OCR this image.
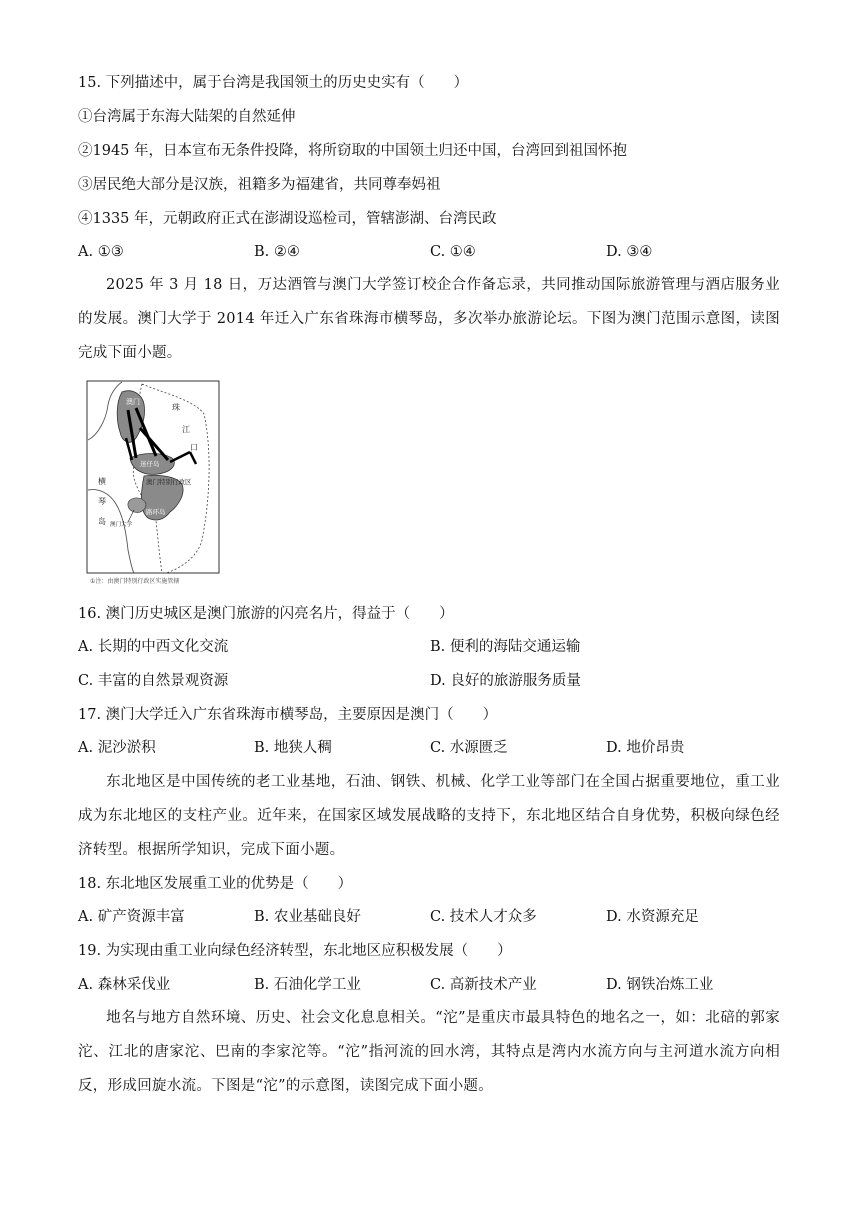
15. 下列描述中，属于台湾是我国领土的历史史实有（　　）
①台湾属于东海大陆架的自然延伸
②1945 年，日本宣布无条件投降，将所窃取的中国领土归还中国，台湾回到祖国怀抱
③居民绝大部分是汉族，祖籍多为福建省，共同尊奉妈祖
④1335 年，元朝政府正式在澎湖设巡检司，管辖澎湖、台湾民政
A. ①③	B. ②④	C. ①④	D. ③④
2025 年 3 月 18 日，万达酒管与澳门大学签订校企合作备忘录，共同推动国际旅游管理与酒店服务业的发展。澳门大学于 2014 年迁入广东省珠海市横琴岛，多次举办旅游论坛。下图为澳门范围示意图，读图完成下面小题。
澳门
珠
江
口
迷仔岛
澳门特别行政区
横
琴
岛
路环岛
澳门大学
①注：由澳门特别行政区实施管辖
16. 澳门历史城区是澳门旅游的闪亮名片，得益于（　　）
A. 长期的中西文化交流	B. 便利的海陆交通运输
C. 丰富的自然景观资源	D. 良好的旅游服务质量
17. 澳门大学迁入广东省珠海市横琴岛，主要原因是澳门（　　）
A. 泥沙淤积	B. 地狭人稠	C. 水源匮乏	D. 地价昂贵
东北地区是中国传统的老工业基地，石油、钢铁、机械、化学工业等部门在全国占据重要地位，重工业成为东北地区的支柱产业。近年来，在国家区域发展战略的支持下，东北地区结合自身优势，积极向绿色经济转型。根据所学知识，完成下面小题。
18. 东北地区发展重工业的优势是（　　）
A. 矿产资源丰富	B. 农业基础良好	C. 技术人才众多	D. 水资源充足
19. 为实现由重工业向绿色经济转型，东北地区应积极发展（　　）
A. 森林采伐业	B. 石油化学工业	C. 高新技术产业	D. 钢铁冶炼工业
地名与地方自然环境、历史、社会文化息息相关。“沱”是重庆市最具特色的地名之一，如：北碚的郭家沱、江北的唐家沱、巴南的李家沱等。“沱”指河流的回水湾，其特点是湾内水流方向与主河道水流方向相反，形成回旋水流。下图是“沱”的示意图，读图完成下面小题。
